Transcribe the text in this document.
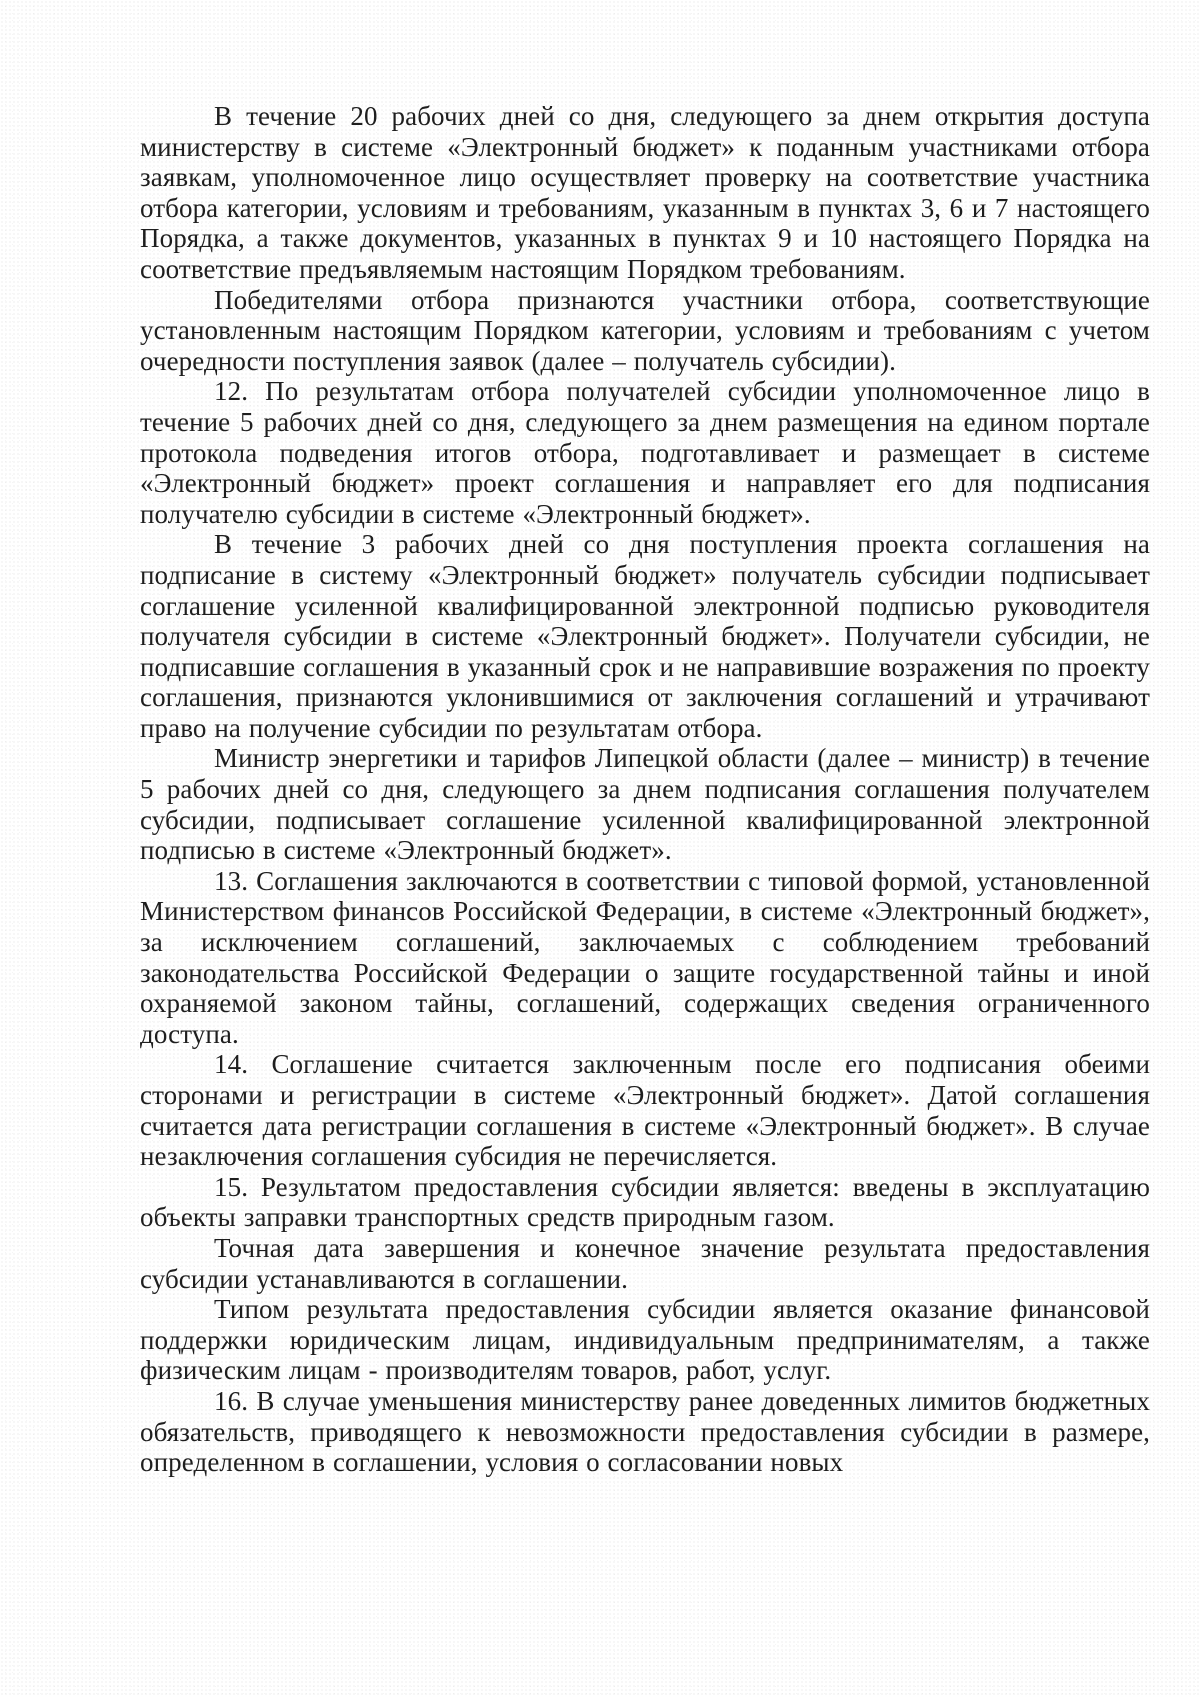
В течение 20 рабочих дней со дня, следующего за днем открытия доступа министерству в системе «Электронный бюджет» к поданным участниками отбора заявкам, уполномоченное лицо осуществляет проверку на соответствие участника отбора категории, условиям и требованиям, указанным в пунктах 3, 6 и 7 настоящего Порядка, а также документов, указанных в пунктах 9 и 10 настоящего Порядка на соответствие предъявляемым настоящим Порядком требованиям.

Победителями отбора признаются участники отбора, соответствующие установленным настоящим Порядком категории, условиям и требованиям с учетом очередности поступления заявок (далее – получатель субсидии).

12. По результатам отбора получателей субсидии уполномоченное лицо в течение 5 рабочих дней со дня, следующего за днем размещения на едином портале протокола подведения итогов отбора, подготавливает и размещает в системе «Электронный бюджет» проект соглашения и направляет его для подписания получателю субсидии в системе «Электронный бюджет».

В течение 3 рабочих дней со дня поступления проекта соглашения на подписание в систему «Электронный бюджет» получатель субсидии подписывает соглашение усиленной квалифицированной электронной подписью руководителя получателя субсидии в системе «Электронный бюджет». Получатели субсидии, не подписавшие соглашения в указанный срок и не направившие возражения по проекту соглашения, признаются уклонившимися от заключения соглашений и утрачивают право на получение субсидии по результатам отбора.

Министр энергетики и тарифов Липецкой области (далее – министр) в течение 5 рабочих дней со дня, следующего за днем подписания соглашения получателем субсидии, подписывает соглашение усиленной квалифицированной электронной подписью в системе «Электронный бюджет».

13. Соглашения заключаются в соответствии с типовой формой, установленной Министерством финансов Российской Федерации, в системе «Электронный бюджет», за исключением соглашений, заключаемых с соблюдением требований законодательства Российской Федерации о защите государственной тайны и иной охраняемой законом тайны, соглашений, содержащих сведения ограниченного доступа.

14. Соглашение считается заключенным после его подписания обеими сторонами и регистрации в системе «Электронный бюджет». Датой соглашения считается дата регистрации соглашения в системе «Электронный бюджет». В случае незаключения соглашения субсидия не перечисляется.

15. Результатом предоставления субсидии является: введены в эксплуатацию объекты заправки транспортных средств природным газом.

Точная дата завершения и конечное значение результата предоставления субсидии устанавливаются в соглашении.

Типом результата предоставления субсидии является оказание финансовой поддержки юридическим лицам, индивидуальным предпринимателям, а также физическим лицам - производителям товаров, работ, услуг.

16. В случае уменьшения министерству ранее доведенных лимитов бюджетных обязательств, приводящего к невозможности предоставления субсидии в размере, определенном в соглашении, условия о согласовании новых
